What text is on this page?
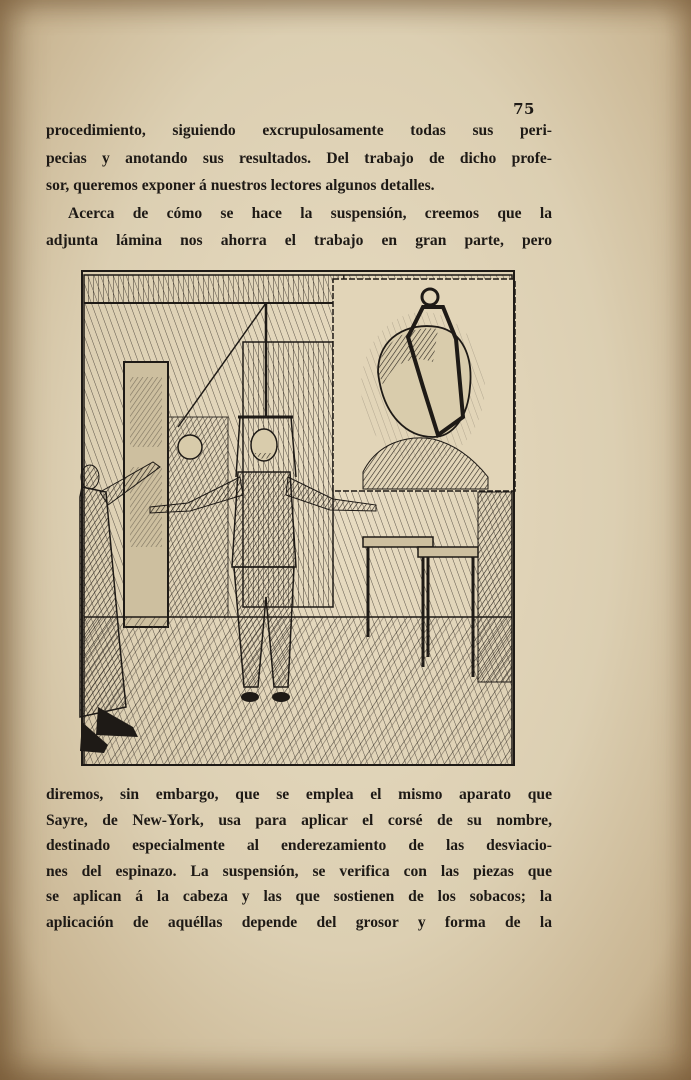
75
procedimiento, siguiendo excrupulosamente todas sus peri-
pecias y anotando sus resultados. Del trabajo de dicho profe-
sor, queremos exponer á nuestros lectores algunos detalles.
Acerca de cómo se hace la suspensión, creemos que la
adjunta lámina nos ahorra el trabajo en gran parte, pero
diremos, sin embargo, que se emplea el mismo aparato que
Sayre, de New-York, usa para aplicar el corsé de su nombre,
destinado especialmente al enderezamiento de las desviacio-
nes del espinazo. La suspensión, se verifica con las piezas que
se aplican á la cabeza y las que sostienen de los sobacos; la
aplicación de aquéllas depende del grosor y forma de la
